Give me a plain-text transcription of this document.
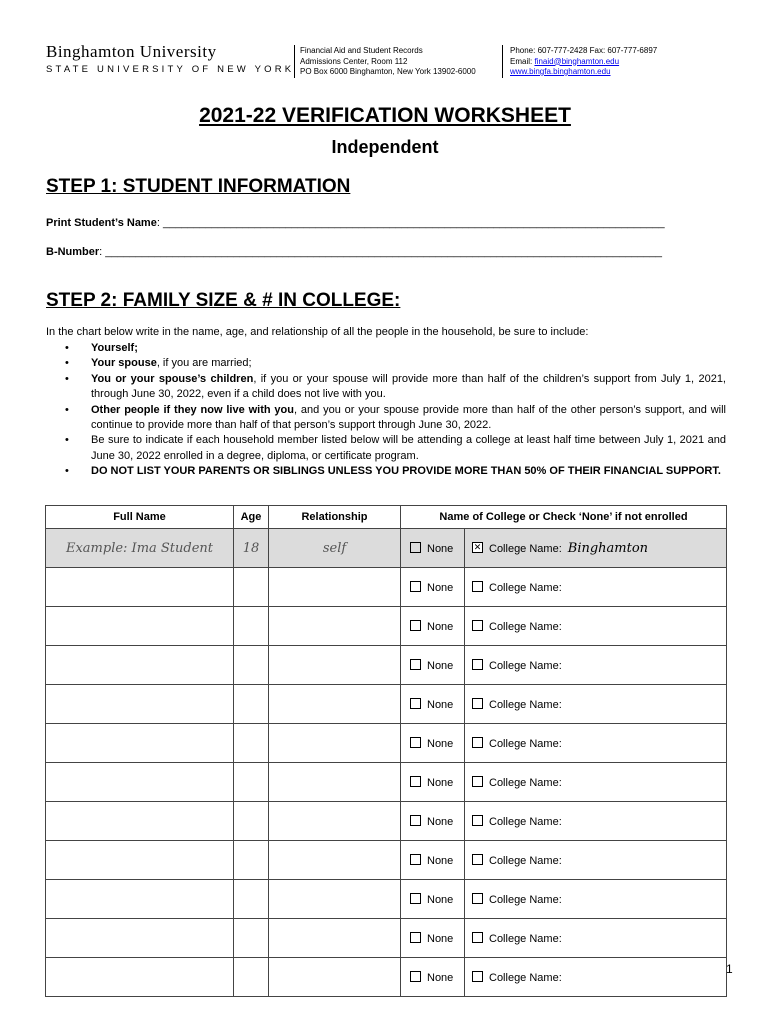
Binghamton University
STATE UNIVERSITY OF NEW YORK
Financial Aid and Student Records
Admissions Center, Room 112
PO Box 6000 Binghamton, New York 13902-6000
Phone: 607-777-2428 Fax: 607-777-6897
Email: finaid@binghamton.edu
www.bingfa.binghamton.edu
2021-22 VERIFICATION WORKSHEET
Independent
STEP 1: STUDENT INFORMATION
Print Student’s Name: __________________________________________________________________________________
B-Number: ___________________________________________________________________________________________
STEP 2: FAMILY SIZE & # IN COLLEGE:
In the chart below write in the name, age, and relationship of all the people in the household, be sure to include:
• Yourself;
• Your spouse, if you are married;
• You or your spouse’s children, if you or your spouse will provide more than half of the children’s support from July 1, 2021, through June 30, 2022, even if a child does not live with you.
• Other people if they now live with you, and you or your spouse provide more than half of the other person’s support, and will continue to provide more than half of that person’s support through June 30, 2022.
• Be sure to indicate if each household member listed below will be attending a college at least half time between July 1, 2021 and June 30, 2022 enrolled in a degree, diploma, or certificate program.
• DO NOT LIST YOUR PARENTS OR SIBLINGS UNLESS YOU PROVIDE MORE THAN 50% OF THEIR FINANCIAL SUPPORT.
Full Name	Age	Relationship	Name of College or Check ‘None’ if not enrolled	
Example: Ima Student	18	self	None	✕College Name: Binghamton
			None	College Name:
			None	College Name:
			None	College Name:
			None	College Name:
			None	College Name:
			None	College Name:
			None	College Name:
			None	College Name:
			None	College Name:
			None	College Name:
			None	College Name:
1
